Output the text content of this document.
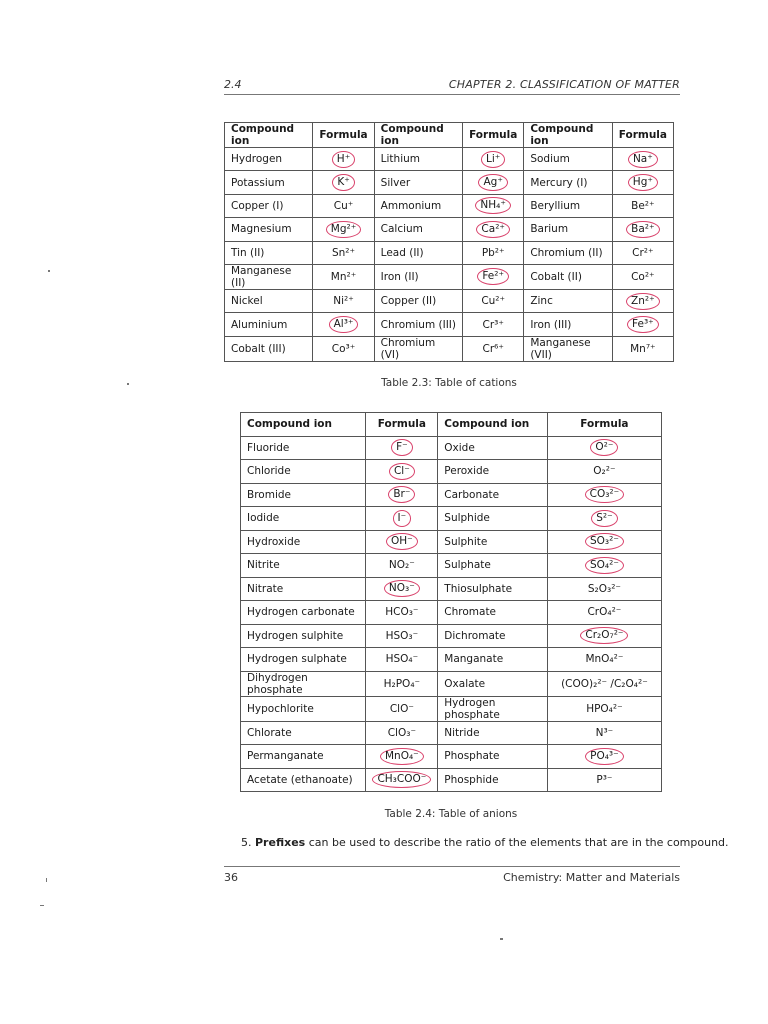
2.4	CHAPTER 2. CLASSIFICATION OF MATTER
Compound ion	Formula	Compound ion	Formula	Compound ion	Formula
Hydrogen	H⁺	Lithium	Li⁺	Sodium	Na⁺
Potassium	K⁺	Silver	Ag⁺	Mercury (I)	Hg⁺
Copper (I)	Cu⁺	Ammonium	NH₄⁺	Beryllium	Be²⁺
Magnesium	Mg²⁺	Calcium	Ca²⁺	Barium	Ba²⁺
Tin (II)	Sn²⁺	Lead (II)	Pb²⁺	Chromium (II)	Cr²⁺
Manganese (II)	Mn²⁺	Iron (II)	Fe²⁺	Cobalt (II)	Co²⁺
Nickel	Ni²⁺	Copper (II)	Cu²⁺	Zinc	Zn²⁺
Aluminium	Al³⁺	Chromium (III)	Cr³⁺	Iron (III)	Fe³⁺
Cobalt (III)	Co³⁺	Chromium (VI)	Cr⁶⁺	Manganese (VII)	Mn⁷⁺
Table 2.3: Table of cations
Compound ion	Formula	Compound ion	Formula
Fluoride	F⁻	Oxide	O²⁻
Chloride	Cl⁻	Peroxide	O₂²⁻
Bromide	Br⁻	Carbonate	CO₃²⁻
Iodide	I⁻	Sulphide	S²⁻
Hydroxide	OH⁻	Sulphite	SO₃²⁻
Nitrite	NO₂⁻	Sulphate	SO₄²⁻
Nitrate	NO₃⁻	Thiosulphate	S₂O₃²⁻
Hydrogen carbonate	HCO₃⁻	Chromate	CrO₄²⁻
Hydrogen sulphite	HSO₃⁻	Dichromate	Cr₂O₇²⁻
Hydrogen sulphate	HSO₄⁻	Manganate	MnO₄²⁻
Dihydrogen phosphate	H₂PO₄⁻	Oxalate	(COO)₂²⁻ /C₂O₄²⁻
Hypochlorite	ClO⁻	Hydrogen phosphate	HPO₄²⁻
Chlorate	ClO₃⁻	Nitride	N³⁻
Permanganate	MnO₄⁻	Phosphate	PO₄³⁻
Acetate (ethanoate)	CH₃COO⁻	Phosphide	P³⁻
Table 2.4: Table of anions
5. Prefixes can be used to describe the ratio of the elements that are in the compound.
36	Chemistry: Matter and Materials
